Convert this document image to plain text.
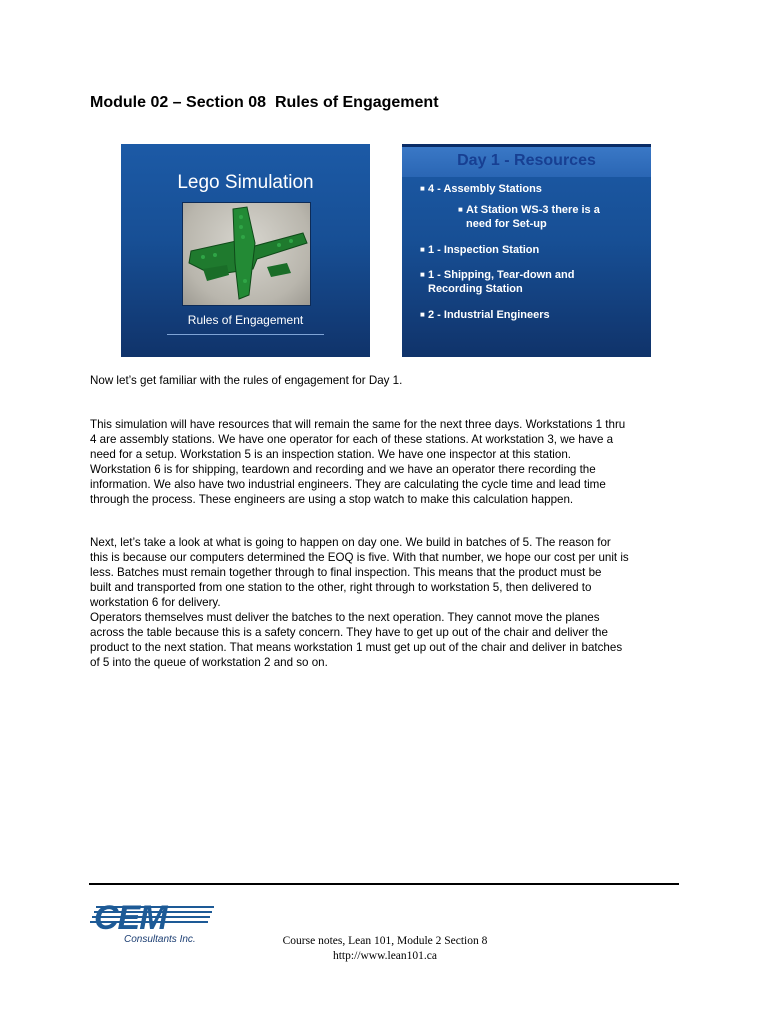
Module 02 – Section 08  Rules of Engagement
Lego Simulation
Rules of Engagement
Day 1 - Resources
■ 4 - Assembly Stations
■ At Station WS-3 there is a
need for Set-up
■ 1 - Inspection Station
■ 1 - Shipping, Tear-down and
Recording Station
■ 2 - Industrial Engineers

Now let’s get familiar with the rules of engagement for Day 1.

This simulation will have resources that will remain the same for the next three days. Workstations 1 thru

4 are assembly stations. We have one operator for each of these stations. At workstation 3, we have a

need for a setup. Workstation 5 is an inspection station. We have one inspector at this station.

Workstation 6 is for shipping, teardown and recording and we have an operator there recording the

information. We also have two industrial engineers. They are calculating the cycle time and lead time

through the process. These engineers are using a stop watch to make this calculation happen.

Next, let’s take a look at what is going to happen on day one. We build in batches of 5. The reason for

this is because our computers determined the EOQ is five. With that number, we hope our cost per unit is

less. Batches must remain together through to final inspection. This means that the product must be

built and transported from one station to the other, right through to workstation 5, then delivered to

workstation 6 for delivery.

Operators themselves must deliver the batches to the next operation. They cannot move the planes

across the table because this is a safety concern. They have to get up out of the chair and deliver the

product to the next station. That means workstation 1 must get up out of the chair and deliver in batches

of 5 into the queue of workstation 2 and so on.

CEM
Consultants Inc.	Course notes, Lean 101, Module 2 Section 8
http://www.lean101.ca
